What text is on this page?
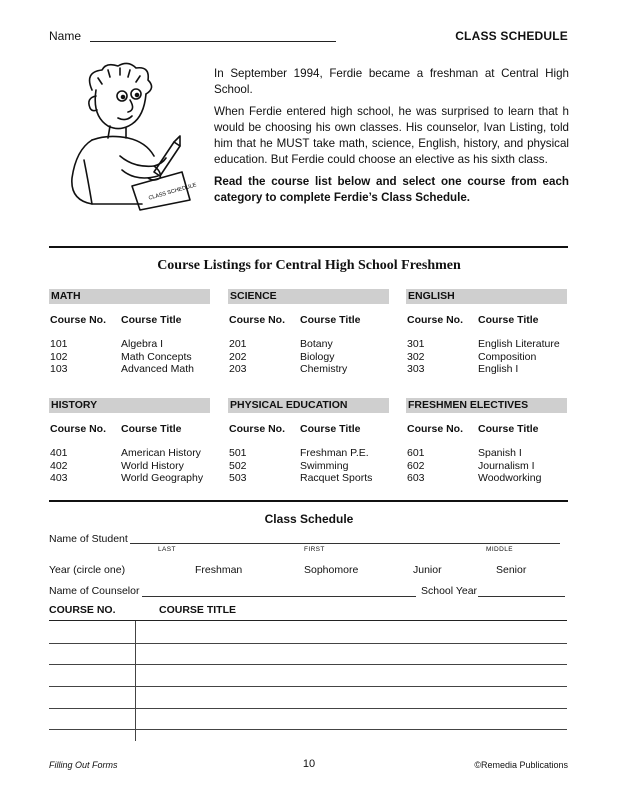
Name	CLASS SCHEDULE
CLASS SCHEDULE

In September 1994, Ferdie became a freshman at Central High School.

When Ferdie entered high school, he was surprised to learn that h would be choosing his own classes. His counselor, Ivan Listing, told him that he MUST take math, science, English, history, and physical education. But Ferdie could choose an elective as his sixth class.

Read the course list below and select one course from each category to complete Ferdie’s Class Schedule.

Course Listings for Central High School Freshmen
MATH
Course No.	Course Title
101	Algebra I
102	Math Concepts
103	Advanced Math
SCIENCE
Course No.	Course Title
201	Botany
202	Biology
203	Chemistry
ENGLISH
Course No.	Course Title
301	English Literature
302	Composition
303	English I
HISTORY
Course No.	Course Title
401	American History
402	World History
403	World Geography
PHYSICAL EDUCATION
Course No.	Course Title
501	Freshman P.E.
502	Swimming
503	Racquet Sports
FRESHMEN ELECTIVES
Course No.	Course Title
601	Spanish I
602	Journalism I
603	Woodworking
Class Schedule
Name of Student
LAST	FIRST	MIDDLE
Year (circle one)	Freshman	Sophomore	Junior	Senior
Name of Counselor	School Year
COURSE NO.	COURSE TITLE
Filling Out Forms	10	©Remedia Publications
